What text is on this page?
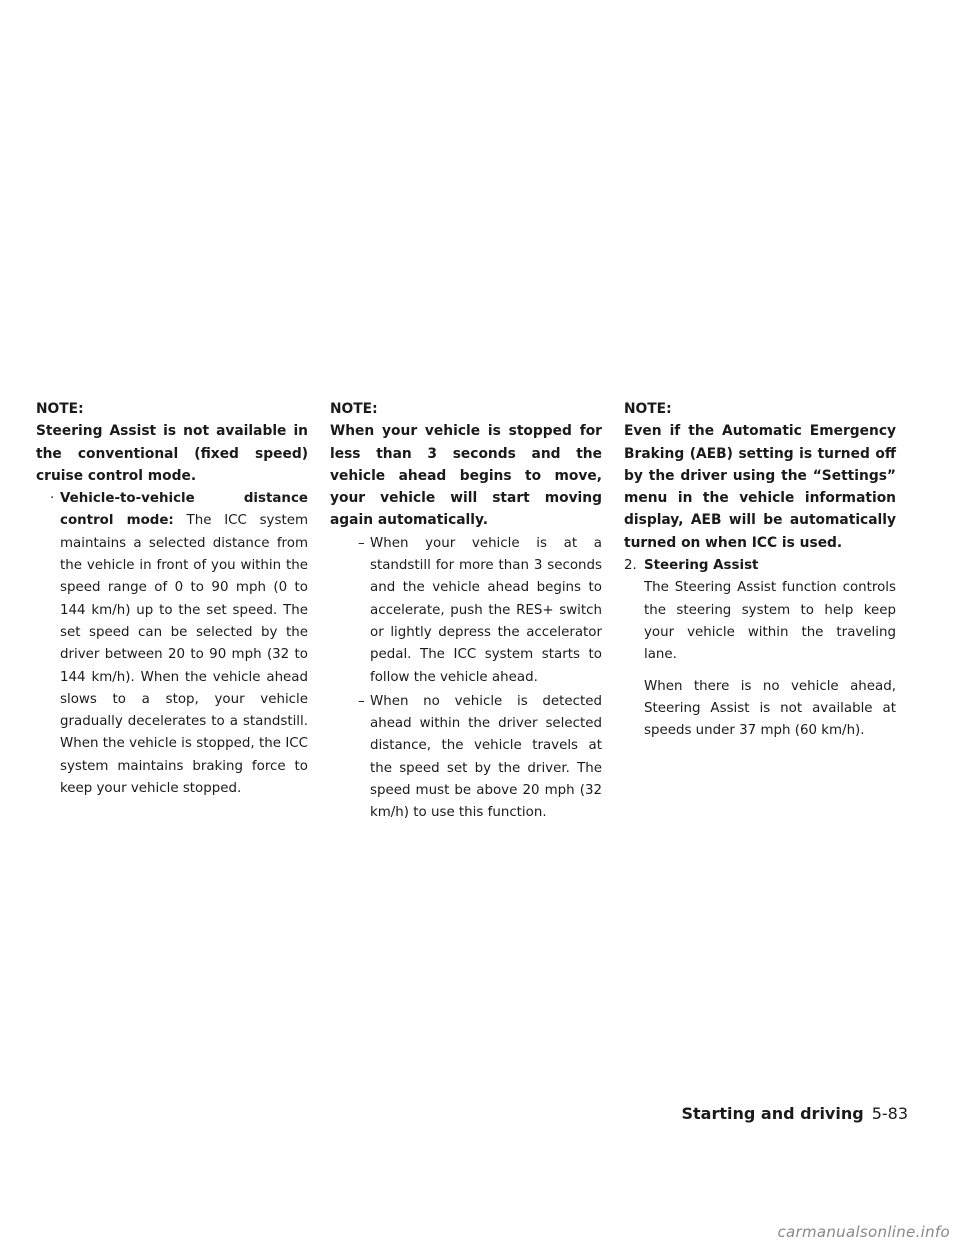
NOTE:

Steering Assist is not available in the conventional (fixed speed) cruise control mode.

· Vehicle-to-vehicle distance control mode: The ICC system maintains a selected distance from the vehicle in front of you within the speed range of 0 to 90 mph (0 to 144 km/h) up to the set speed. The set speed can be selected by the driver between 20 to 90 mph (32 to 144 km/h). When the vehicle ahead slows to a stop, your vehicle gradually decelerates to a standstill. When the vehicle is stopped, the ICC system maintains braking force to keep your vehicle stopped.

NOTE:

When your vehicle is stopped for less than 3 seconds and the vehicle ahead begins to move, your vehicle will start moving again automatically.

– When your vehicle is at a standstill for more than 3 seconds and the vehicle ahead begins to accelerate, push the RES+ switch or lightly depress the accelerator pedal. The ICC system starts to follow the vehicle ahead.
– When no vehicle is detected ahead within the driver selected distance, the vehicle travels at the speed set by the driver. The speed must be above 20 mph (32 km/h) to use this function.

NOTE:

Even if the Automatic Emergency Braking (AEB) setting is turned off by the driver using the “Settings” menu in the vehicle information display, AEB will be automatically turned on when ICC is used.

2. Steering Assist

The Steering Assist function controls the steering system to help keep your vehicle within the traveling lane.

When there is no vehicle ahead, Steering Assist is not available at speeds under 37 mph (60 km/h).

Starting and driving 5-83
carmanualsonline.info
